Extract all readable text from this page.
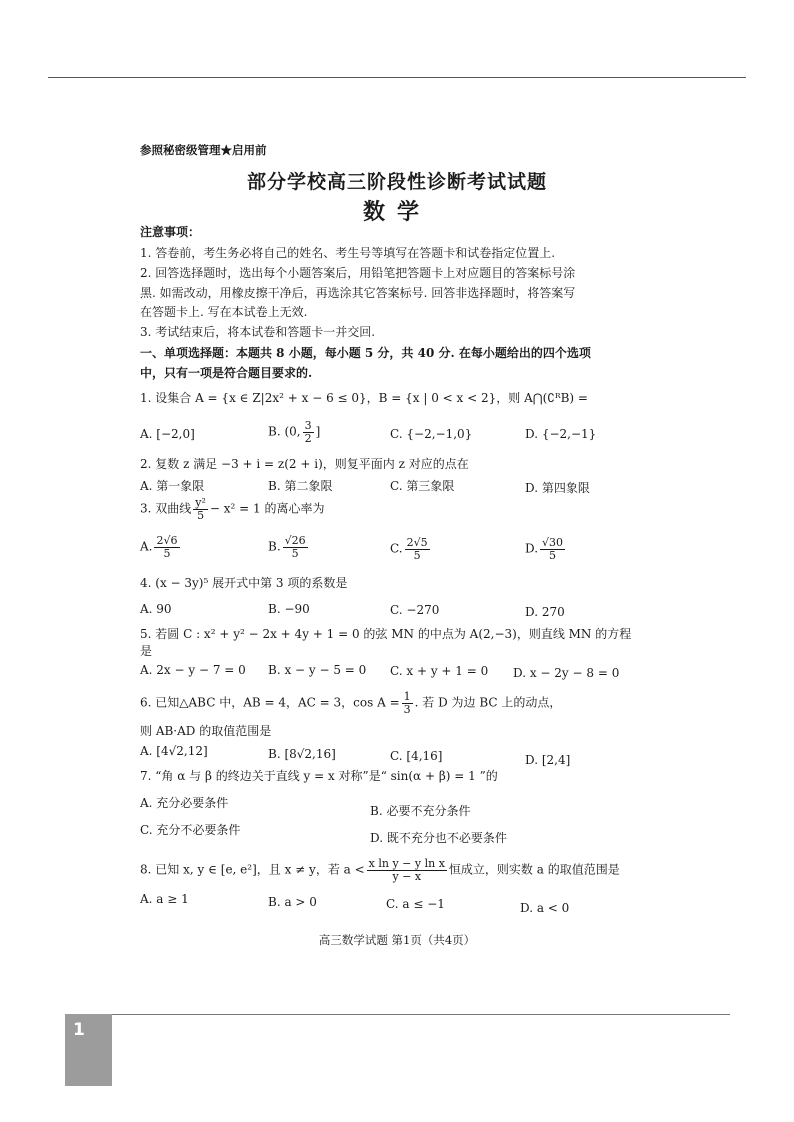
参照秘密级管理★启用前
部分学校高三阶段性诊断考试试题
数学
注意事项：
1. 答卷前，考生务必将自己的姓名、考生号等填写在答题卡和试卷指定位置上.
2. 回答选择题时，选出每个小题答案后，用铅笔把答题卡上对应题目的答案标号涂
黑. 如需改动，用橡皮擦干净后，再选涂其它答案标号. 回答非选择题时，将答案写
在答题卡上. 写在本试卷上无效.
3. 考试结束后，将本试卷和答题卡一并交回.
一、单项选择题：本题共 8 小题，每小题 5 分，共 40 分. 在每小题给出的四个选项
中，只有一项是符合题目要求的.
1. 设集合 A = {x ∈ Z|2x² + x − 6 ≤ 0}，B = {x | 0 < x < 2}，则 A⋂(∁ᴿB) =
A. [−2,0]	B. (0, $\frac{3}{2}$ ]	C. {−2,−1,0}	D. {−2,−1}
2. 复数 z 满足 −3 + i = z(2 + i)，则复平面内 z 对应的点在
A. 第一象限	B. 第二象限	C. 第三象限	D. 第四象限
3. 双曲线 $\frac{\text{y²}}{5} - x^2 = 1$ 的离心率为
A. $\frac{2√6}{5}$	B. $\frac{√26}{5}$	C. $\frac{2√5}{5}$	D. $\frac{√30}{5}$
4. (x − 3y)⁵ 展开式中第 3 项的系数是
A. 90	B. −90	C. −270	D. 270
5. 若圆 C : x² + y² − 2x + 4y + 1 = 0 的弦 MN 的中点为 A(2,−3)，则直线 MN 的方程
是
A. 2x − y − 7 = 0 B. x − y − 5 = 0 C. x + y + 1 = 0 D. x − 2y − 8 = 0
6. 已知△ABC 中，AB = 4，AC = 3，$\cos A = \frac{1}{3}$ . 若 D 为边 BC 上的动点，
则 AB·AD 的取值范围是
A. [4√2,12]	B. [8√2,16]	C. [4,16]	D. [2,4]
7. “角 α 与 β 的终边关于直线 y = x 对称”是“ sin(α + β) = 1 ”的
A. 充分必要条件
B. 必要不充分条件
C. 充分不必要条件
D. 既不充分也不必要条件
8. 已知 x, y ∈ [e, e²]，且 x ≠ y，若 $a < \frac{\text{x ln y − y ln x}}{y - x}$ 恒成立，则实数 a 的取值范围是
A. a ≥ 1	B. a > 0	C. a ≤ −1	D. a < 0
高三数学试题 第1页（共4页）
1
